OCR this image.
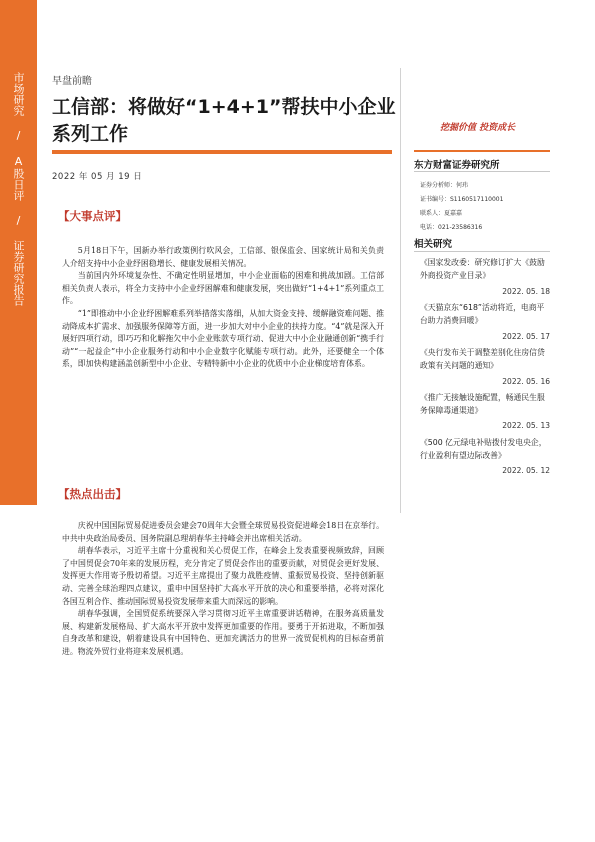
市场研究 / A股日评 / 证券研究报告	早盘前瞻
工信部：将做好“1+4+1”帮扶中小企业系列工作
2022 年 05 月 19 日
挖掘价值 投资成长
东方财富证券研究所
证券分析师：何玮
证书编号：S1160517110001
联系人：夏嘉嘉
电话：021-23586316
相关研究
《国家发改委：研究修订扩大《鼓励外商投资产业目录》
2022. 05. 18
《天猫京东“618”活动将近，电商平台助力消费回暖》
2022. 05. 17
《央行发布关于调整差别化住房信贷政策有关问题的通知》
2022. 05. 16
《推广无接触设施配置，畅通民生服务保障毒通渠道》
2022. 05. 13
《500 亿元绿电补贴拨付发电央企，行业盈利有望边际改善》
2022. 05. 12
【大事点评】

5月18日下午，国新办举行政策例行吹风会，工信部、银保监会、国家统计局和关负责人介绍支持中小企业纾困稳增长、健康发展相关情况。

当前国内外环境复杂性、不确定性明显增加，中小企业面临的困难和挑战加剧。工信部相关负责人表示，将全力支持中小企业纾困解难和健康发展，突出做好“1+4+1”系列重点工作。

“1”即推动中小企业纾困解难系列举措落实落细，从加大资金支持、缓解融资难问题、推动降成本扩需求、加强服务保障等方面，进一步加大对中小企业的扶持力度。“4”就是深入开展好四项行动，即巧巧和化解拖欠中小企业账款专项行动、促进大中小企业融通创新“携手行动”“一起益企”中小企业服务行动和中小企业数字化赋能专项行动。此外，还要健全一个体系，即加快构建涵盖创新型中小企业、专精特新中小企业的优质中小企业梯度培育体系。

【热点出击】

庆祝中国国际贸易促进委员会建会70周年大会暨全球贸易投资促进峰会18日在京举行。中共中央政治局委员、国务院副总理胡春华主持峰会并出席相关活动。

胡春华表示，习近平主席十分重视和关心贸促工作，在峰会上发表重要视频致辞，回顾了中国贸促会70年来的发展历程，充分肯定了贸促会作出的重要贡献，对贸促会更好发展、发挥更大作用寄予殷切希望。习近平主席提出了聚力战胜疫情、重振贸易投资、坚持创新驱动、完善全球治理四点建议，重申中国坚持扩大高水平开放的决心和重要举措，必将对深化各国互利合作、推动国际贸易投资发展带来重大而深远的影响。

胡春华强调，全国贸促系统要深入学习贯彻习近平主席重要讲话精神，在服务高质量发展、构建新发展格局、扩大高水平开放中发挥更加重要的作用。要勇于开拓进取，不断加强自身改革和建设，朝着建设具有中国特色、更加充满活力的世界一流贸促机构的目标奋勇前进。物流外贸行业将迎来发展机遇。
